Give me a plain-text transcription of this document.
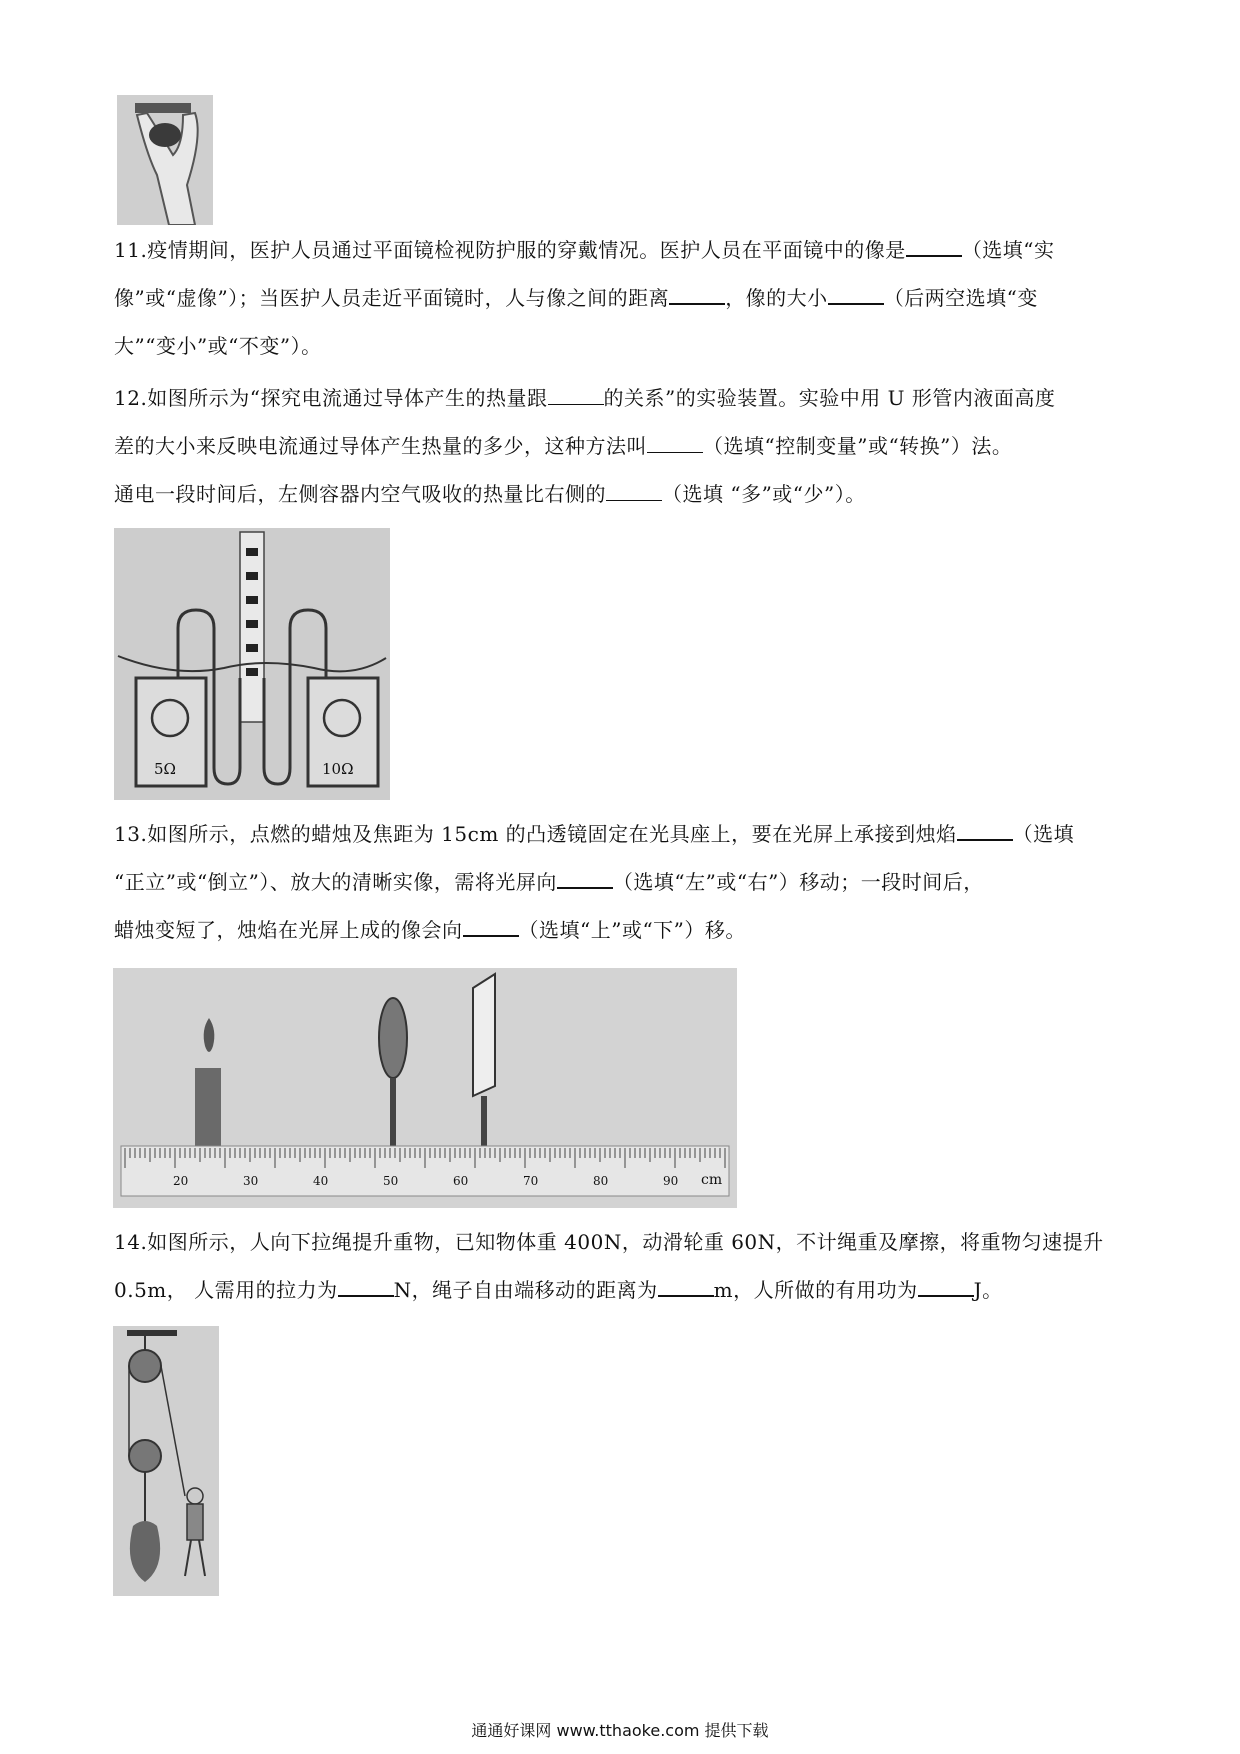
11.疫情期间，医护人员通过平面镜检视防护服的穿戴情况。医护人员在平面镜中的像是	（选填“实

像”或“虚像”）；当医护人员走近平面镜时，人与像之间的距离	，像的大小	（后两空选填“变

大”“变小”或“不变”）。

12.如图所示为“探究电流通过导体产生的热量跟	的关系”的实验装置。实验中用 U 形管内液面高度

差的大小来反映电流通过导体产生热量的多少，这种方法叫	（选填“控制变量”或“转换”）法。

通电一段时间后，左侧容器内空气吸收的热量比右侧的	（选填 “多”或“少”）。

5Ω	10Ω

13.如图所示，点燃的蜡烛及焦距为 15cm 的凸透镜固定在光具座上，要在光屏上承接到烛焰	（选填

“正立”或“倒立”）、放大的清晰实像，需将光屏向	（选填“左”或“右”）移动；一段时间后，

蜡烛变短了，烛焰在光屏上成的像会向	（选填“上”或“下”）移。

20	30	40	50	60	70	80	90 cm

14.如图所示，人向下拉绳提升重物，已知物体重 400N，动滑轮重 60N，不计绳重及摩擦，将重物匀速提升

0.5m， 人需用的拉力为	N，绳子自由端移动的距离为	m，人所做的有用功为	J。

通通好课网 www.tthaoke.com 提供下载
